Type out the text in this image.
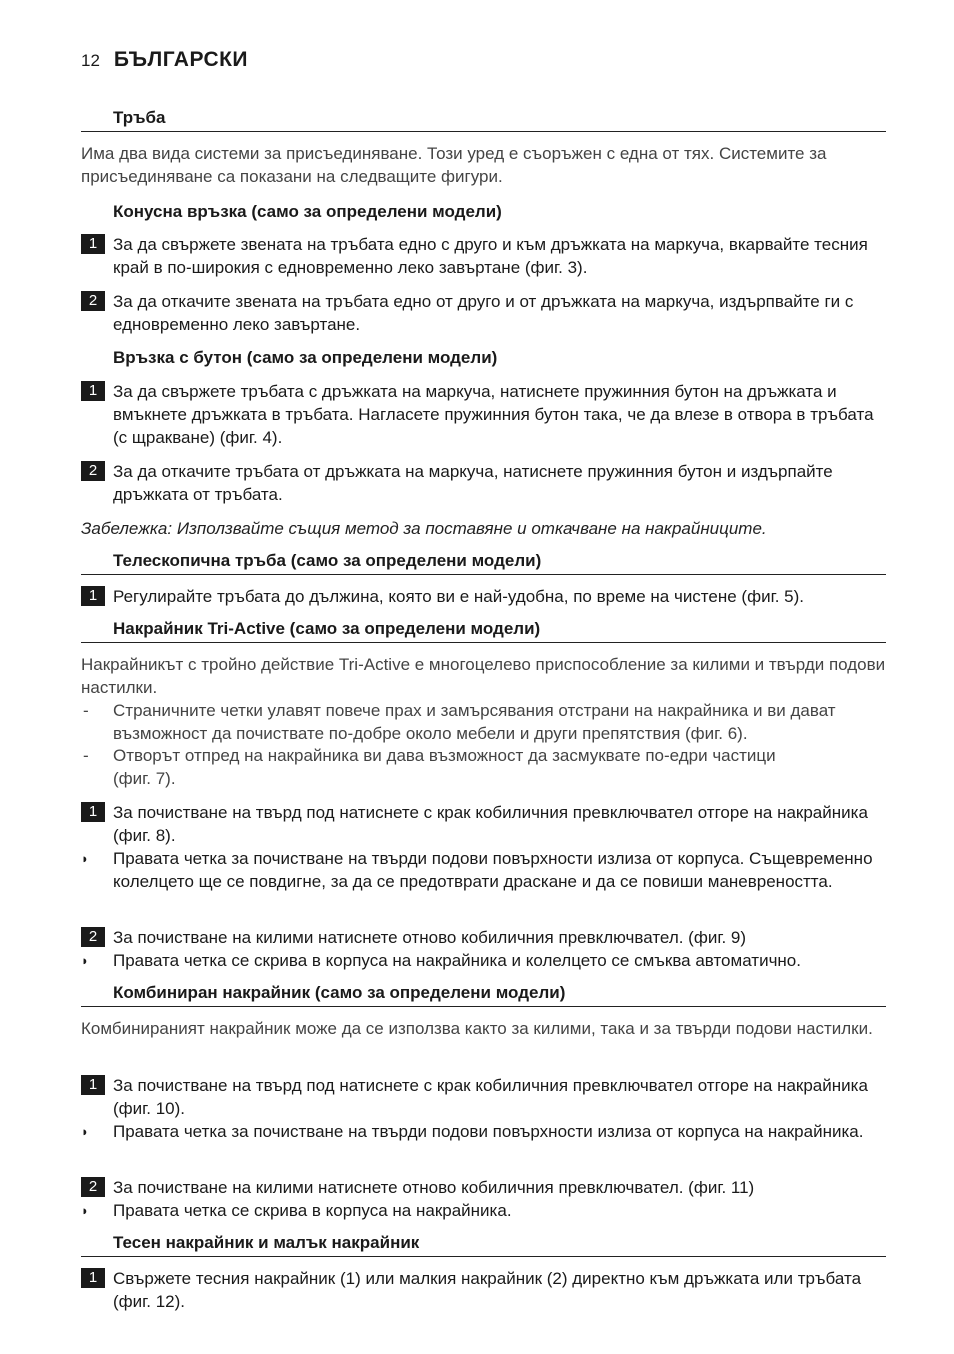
12 БЪЛГАРСКИ
Тръба
Има два вида системи за присъединяване. Този уред е съоръжен с една от тях. Системите за присъединяване са показани на следващите фигури.
Конусна връзка (само за определени модели)
1 За да свържете звената на тръбата едно с друго и към дръжката на маркуча, вкарвайте тесния край в по-широкия с едновременно леко завъртане (фиг. 3).
2 За да откачите звената на тръбата едно от друго и от дръжката на маркуча, издърпвайте ги с едновременно леко завъртане.
Връзка с бутон (само за определени модели)
1 За да свържете тръбата с дръжката на маркуча, натиснете пружинния бутон на дръжката и вмъкнете дръжката в тръбата. Нагласете пружинния бутон така, че да влезе в отвора в тръбата (с щракване) (фиг. 4).
2 За да откачите тръбата от дръжката на маркуча, натиснете пружинния бутон и издърпайте дръжката от тръбата.
Забележка: Използвайте същия метод за поставяне и откачване на накрайниците.
Телескопична тръба (само за определени модели)
1 Регулирайте тръбата до дължина, която ви е най-удобна, по време на чистене (фиг. 5).
Накрайник Tri-Active (само за определени модели)
Накрайникът с тройно действие Tri-Active е многоцелево приспособление за килими и твърди подови настилки.
- Страничните четки улавят повече прах и замърсявания отстрани на накрайника и ви дават възможност да почиствате по-добре около мебели и други препятствия (фиг. 6).
- Отворът отпред на накрайника ви дава възможност да засмуквате по-едри частици (фиг. 7).
1 За почистване на твърд под натиснете с крак кобиличния превключвател отгоре на накрайника (фиг. 8).
◗ Правата четка за почистване на твърди подови повърхности излиза от корпуса. Същевременно колелцето ще се повдигне, за да се предотврати драскане и да се повиши маневреността.
2 За почистване на килими натиснете отново кобиличния превключвател. (фиг. 9)
◗ Правата четка се скрива в корпуса на накрайника и колелцето се смъква автоматично.
Комбиниран накрайник (само за определени модели)
Комбинираният накрайник може да се използва както за килими, така и за твърди подови настилки.
1 За почистване на твърд под натиснете с крак кобиличния превключвател отгоре на накрайника (фиг. 10).
◗ Правата четка за почистване на твърди подови повърхности излиза от корпуса на накрайника.
2 За почистване на килими натиснете отново кобиличния превключвател. (фиг. 11)
◗ Правата четка се скрива в корпуса на накрайника.
Тесен накрайник и малък накрайник
1 Свържете тесния накрайник (1) или малкия накрайник (2) директно към дръжката или тръбата (фиг. 12).
